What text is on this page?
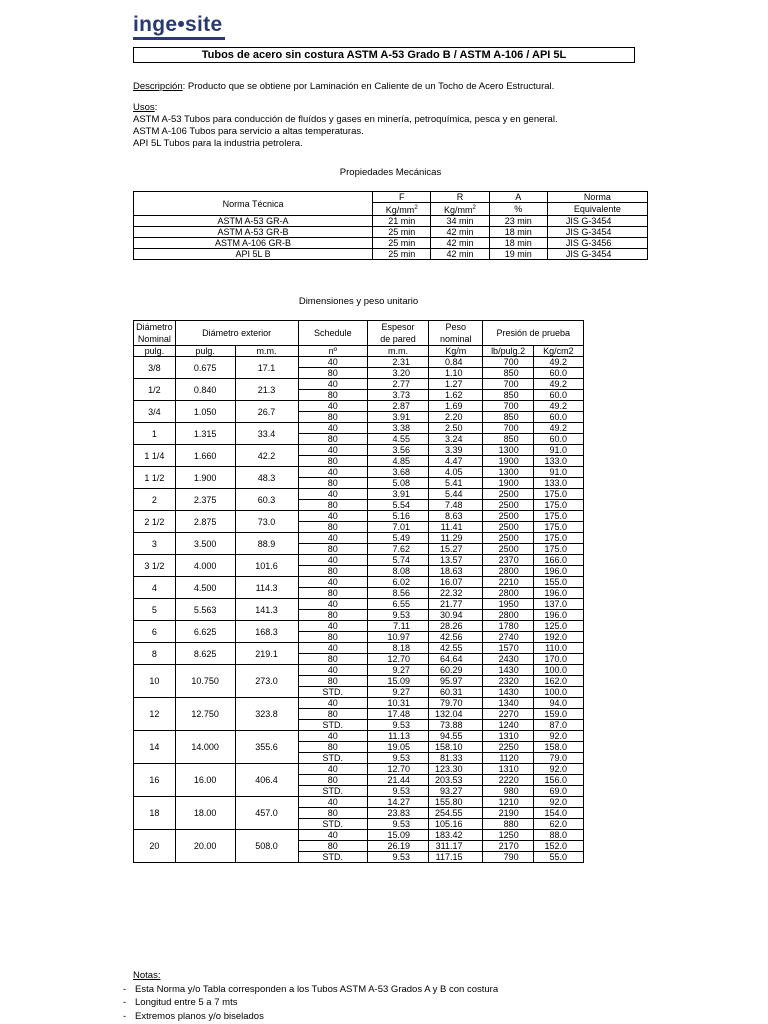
inge•site
Tubos de acero sin costura ASTM A-53 Grado B / ASTM A-106 / API 5L
Descripción: Producto que se obtiene por Laminación en Caliente de un Tocho de Acero Estructural.
Usos:
ASTM A-53 Tubos para conducción de fluídos y gases en minería, petroquímica, pesca y en general.
ASTM A-106 Tubos para servicio a altas temperaturas.
API 5L Tubos para la industria petrolera.
Propiedades Mecánicas
Norma Técnica	F	R	A	Norma
	$Kg/mm^2$	$Kg/mm^2$	%	Equivalente
ASTM A-53 GR-A	21 min	34 min	23 min	JIS G-3454
ASTM A-53 GR-B	25 min	42 min	18 min	JIS G-3454
ASTM A-106 GR-B	25 min	42 min	18 min	JIS G-3456
API 5L B	25 min	42 min	19 min	JIS G-3454
Dimensiones y peso unitario
Diámetro
Nominal	Diámetro exterior		Schedule	Espesor
de pared	Peso
nominal	Presión de prueba	
pulg.	pulg.	m.m.	nº	m.m.	Kg/m	lb/pulg.2	Kg/cm2
3/8	0.675	17.1	40	2.31	0.84	700	49.2
			80	3.20	1.10	850	60.0
1/2	0.840	21.3	40	2.77	1.27	700	49.2
			80	3.73	1.62	850	60.0
3/4	1.050	26.7	40	2.87	1.69	700	49.2
			80	3.91	2.20	850	60.0
1	1.315	33.4	40	3.38	2.50	700	49.2
			80	4.55	3.24	850	60.0
1 1/4	1.660	42.2	40	3.56	3.39	1300	91.0
			80	4.85	4.47	1900	133.0
1 1/2	1.900	48.3	40	3.68	4.05	1300	91.0
			80	5.08	5.41	1900	133.0
2	2.375	60.3	40	3.91	5.44	2500	175.0
			80	5.54	7.48	2500	175.0
2 1/2	2.875	73.0	40	5.16	8.63	2500	175.0
			80	7.01	11.41	2500	175.0
3	3.500	88.9	40	5.49	11.29	2500	175.0
			80	7.62	15.27	2500	175.0
3 1/2	4.000	101.6	40	5.74	13.57	2370	166.0
			80	8.08	18.63	2800	196.0
4	4.500	114.3	40	6.02	16.07	2210	155.0
			80	8.56	22.32	2800	196.0
5	5.563	141.3	40	6.55	21.77	1950	137.0
			80	9.53	30.94	2800	196.0
6	6.625	168.3	40	7.11	28.26	1780	125.0
			80	10.97	42.56	2740	192.0
8	8.625	219.1	40	8.18	42.55	1570	110.0
			80	12.70	64.64	2430	170.0
10	10.750	273.0	40	9.27	60.29	1430	100.0
			80	15.09	95.97	2320	162.0
			STD.	9.27	60.31	1430	100.0
12	12.750	323.8	40	10.31	79.70	1340	94.0
			80	17.48	132.04	2270	159.0
			STD.	9.53	73.88	1240	87.0
14	14.000	355.6	40	11.13	94.55	1310	92.0
			80	19.05	158.10	2250	158.0
			STD.	9.53	81.33	1120	79.0
16	16.00	406.4	40	12.70	123.30	1310	92.0
			80	21.44	203.53	2220	156.0
			STD.	9.53	93.27	980	69.0
18	18.00	457.0	40	14.27	155.80	1210	92.0
			80	23.83	254.55	2190	154.0
			STD.	9.53	105.16	880	62.0
20	20.00	508.0	40	15.09	183.42	1250	88.0
			80	26.19	311.17	2170	152.0
			STD.	9.53	117.15	790	55.0
Notas:
- Esta Norma y/o Tabla corresponden a los Tubos ASTM A-53 Grados A y B con costura
- Longitud entre 5 a 7 mts
- Extremos planos y/o biselados
